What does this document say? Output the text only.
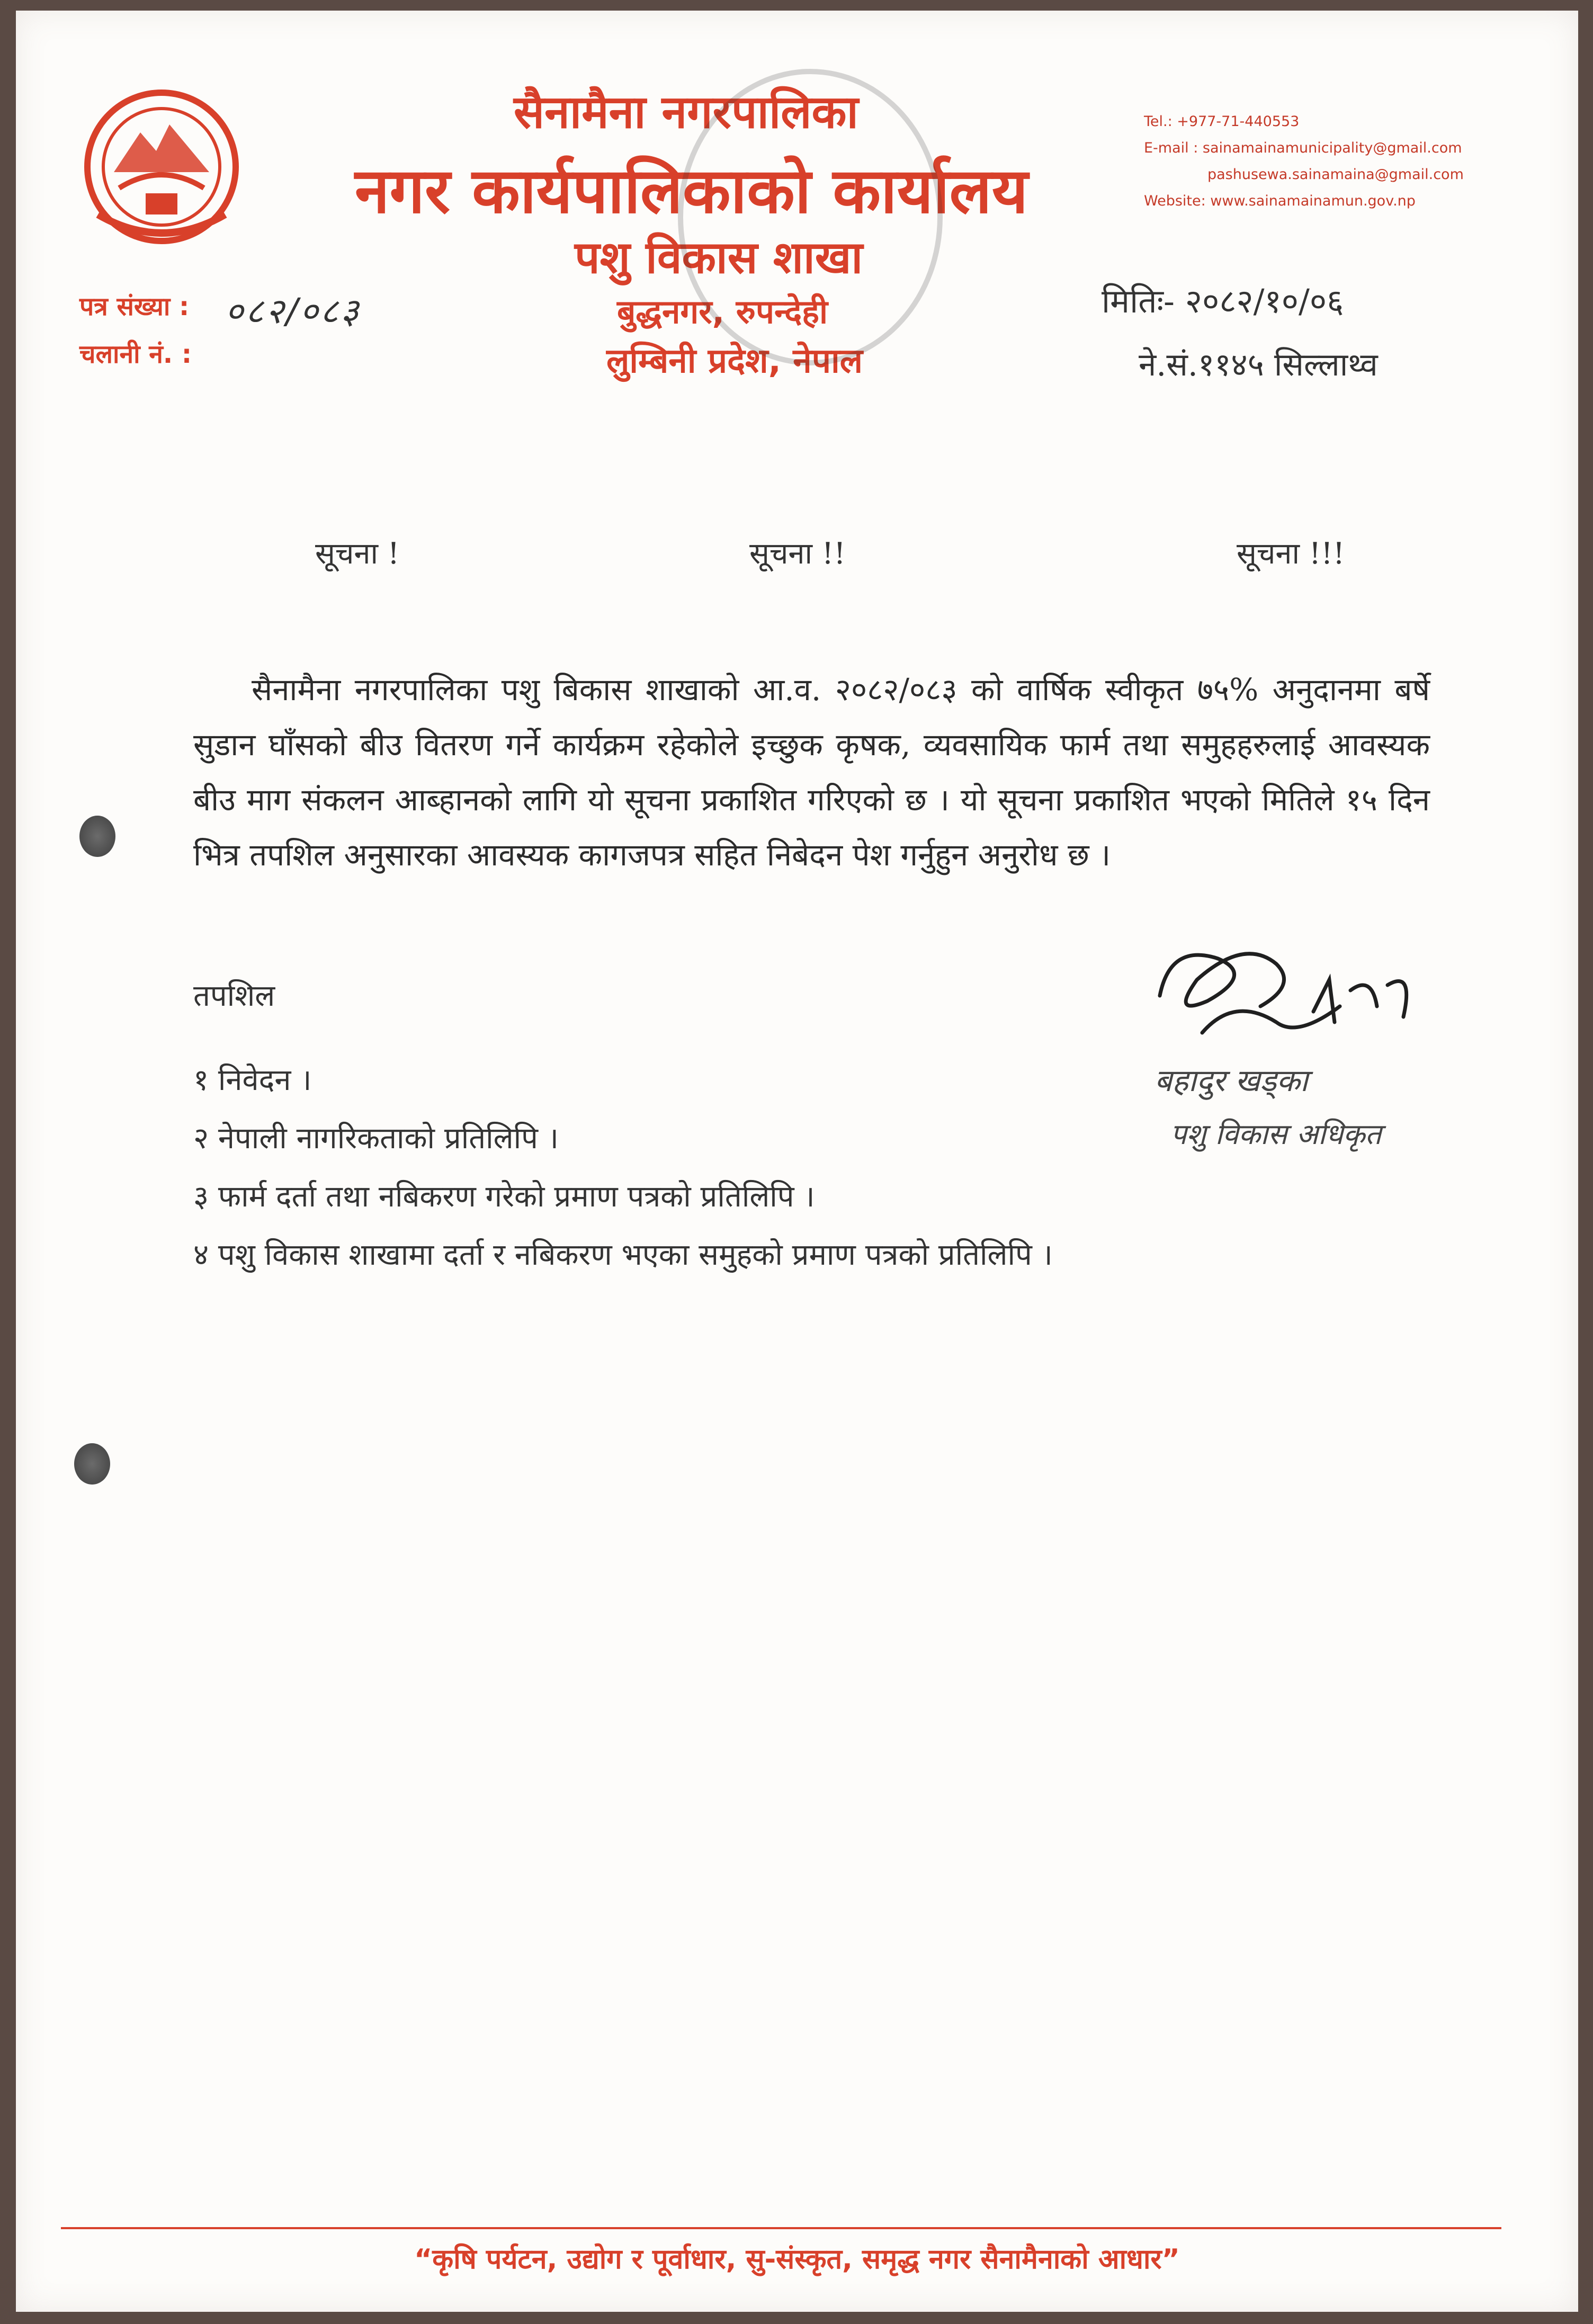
सैनामैना नगरपालिका
नगर कार्यपालिकाको कार्यालय
पशु विकास शाखा
बुद्धनगर, रुपन्देही
लुम्बिनी प्रदेश, नेपाल
Tel.: +977-71-440553
E-mail : sainamainamunicipality@gmail.com
pashusewa.sainamaina@gmail.com
Website: www.sainamainamun.gov.np
पत्र संख्या : ०८२/०८३
चलानी नं. :
मितिः- २०८२/१०/०६
ने.सं.११४५ सिल्लाथ्व
सूचना !	सूचना !!	सूचना !!!
सैनामैना नगरपालिका पशु बिकास शाखाको आ.व. २०८२/०८३ को वार्षिक स्वीकृत ७५% अनुदानमा बर्षे सुडान घाँसको बीउ वितरण गर्ने कार्यक्रम रहेकोले इच्छुक कृषक, व्यवसायिक फार्म तथा समुहहरुलाई आवस्यक बीउ माग संकलन आब्हानको लागि यो सूचना प्रकाशित गरिएको छ । यो सूचना प्रकाशित भएको मितिले १५ दिन भित्र तपशिल अनुसारका आवस्यक कागजपत्र सहित निबेदन पेश गर्नुहुन अनुरोध छ ।
तपशिल
१ निवेदन ।
२ नेपाली नागरिकताको प्रतिलिपि ।
३ फार्म दर्ता तथा नबिकरण गरेको प्रमाण पत्रको प्रतिलिपि ।
४ पशु विकास शाखामा दर्ता र नबिकरण भएका समुहको प्रमाण पत्रको प्रतिलिपि ।
बहादुर खड्का
पशु विकास अधिकृत
“कृषि पर्यटन, उद्योग र पूर्वाधार, सु-संस्कृत, समृद्ध नगर सैनामैनाको आधार”
